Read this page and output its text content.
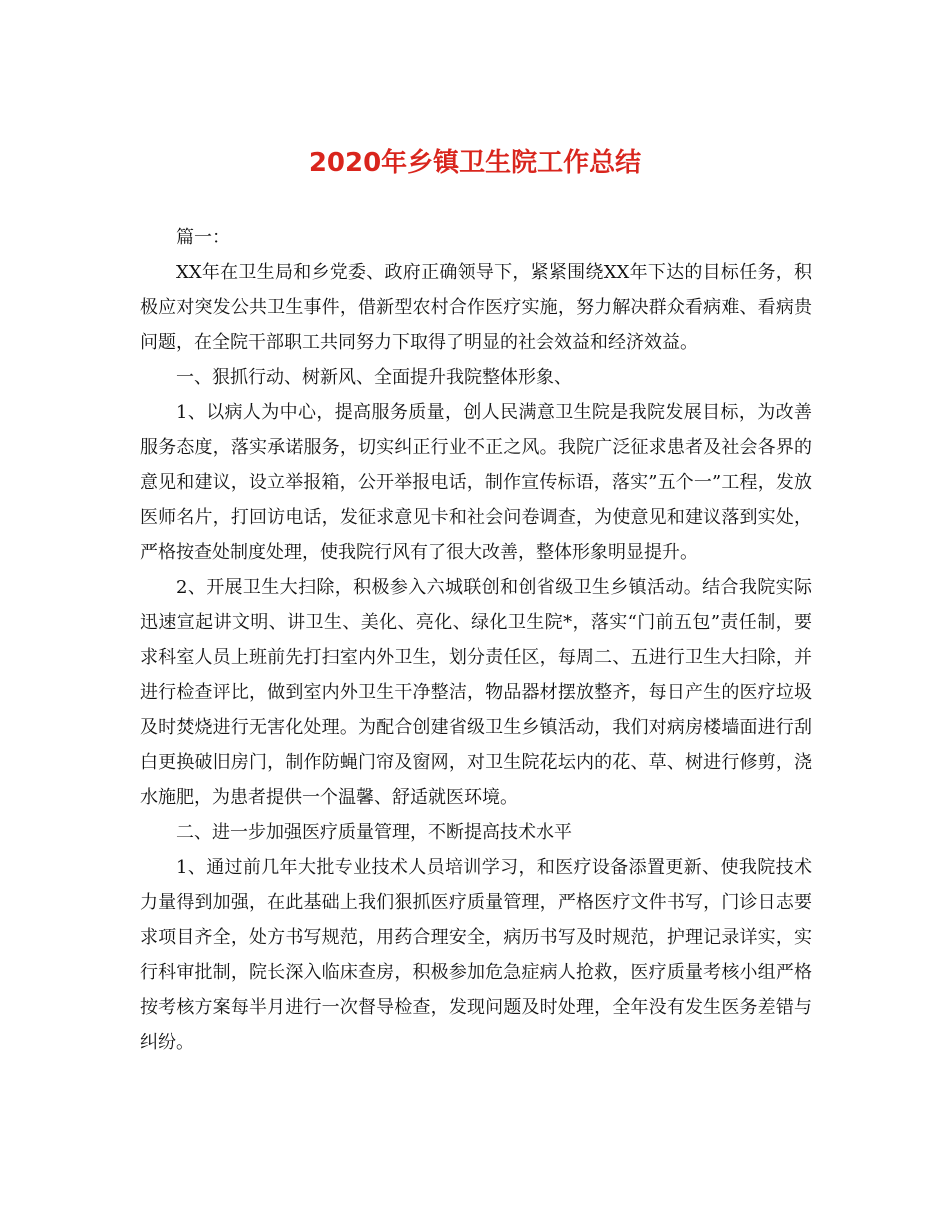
2020年乡镇卫生院工作总结

篇一：

XX年在卫生局和乡党委、政府正确领导下，紧紧围绕XX年下达的目标任务，积极应对突发公共卫生事件，借新型农村合作医疗实施，努力解决群众看病难、看病贵问题，在全院干部职工共同努力下取得了明显的社会效益和经济效益。

一、狠抓行动、树新风、全面提升我院整体形象、

1、以病人为中心，提高服务质量，创人民满意卫生院是我院发展目标，为改善服务态度，落实承诺服务，切实纠正行业不正之风。我院广泛征求患者及社会各界的意见和建议，设立举报箱，公开举报电话，制作宣传标语，落实”五个一”工程，发放医师名片，打回访电话，发征求意见卡和社会问卷调查，为使意见和建议落到实处，严格按查处制度处理，使我院行风有了很大改善，整体形象明显提升。

2、开展卫生大扫除，积极参入六城联创和创省级卫生乡镇活动。结合我院实际迅速宣起讲文明、讲卫生、美化、亮化、绿化卫生院*，落实“门前五包”责任制，要求科室人员上班前先打扫室内外卫生，划分责任区，每周二、五进行卫生大扫除，并进行检查评比，做到室内外卫生干净整洁，物品器材摆放整齐，每日产生的医疗垃圾及时焚烧进行无害化处理。为配合创建省级卫生乡镇活动，我们对病房楼墙面进行刮白更换破旧房门，制作防蝇门帘及窗网，对卫生院花坛内的花、草、树进行修剪，浇水施肥，为患者提供一个温馨、舒适就医环境。

二、进一步加强医疗质量管理，不断提高技术水平

1、通过前几年大批专业技术人员培训学习，和医疗设备添置更新、使我院技术力量得到加强，在此基础上我们狠抓医疗质量管理，严格医疗文件书写，门诊日志要求项目齐全，处方书写规范，用药合理安全，病历书写及时规范，护理记录详实，实行科审批制，院长深入临床查房，积极参加危急症病人抢救，医疗质量考核小组严格按考核方案每半月进行一次督导检查，发现问题及时处理，全年没有发生医务差错与纠纷。
